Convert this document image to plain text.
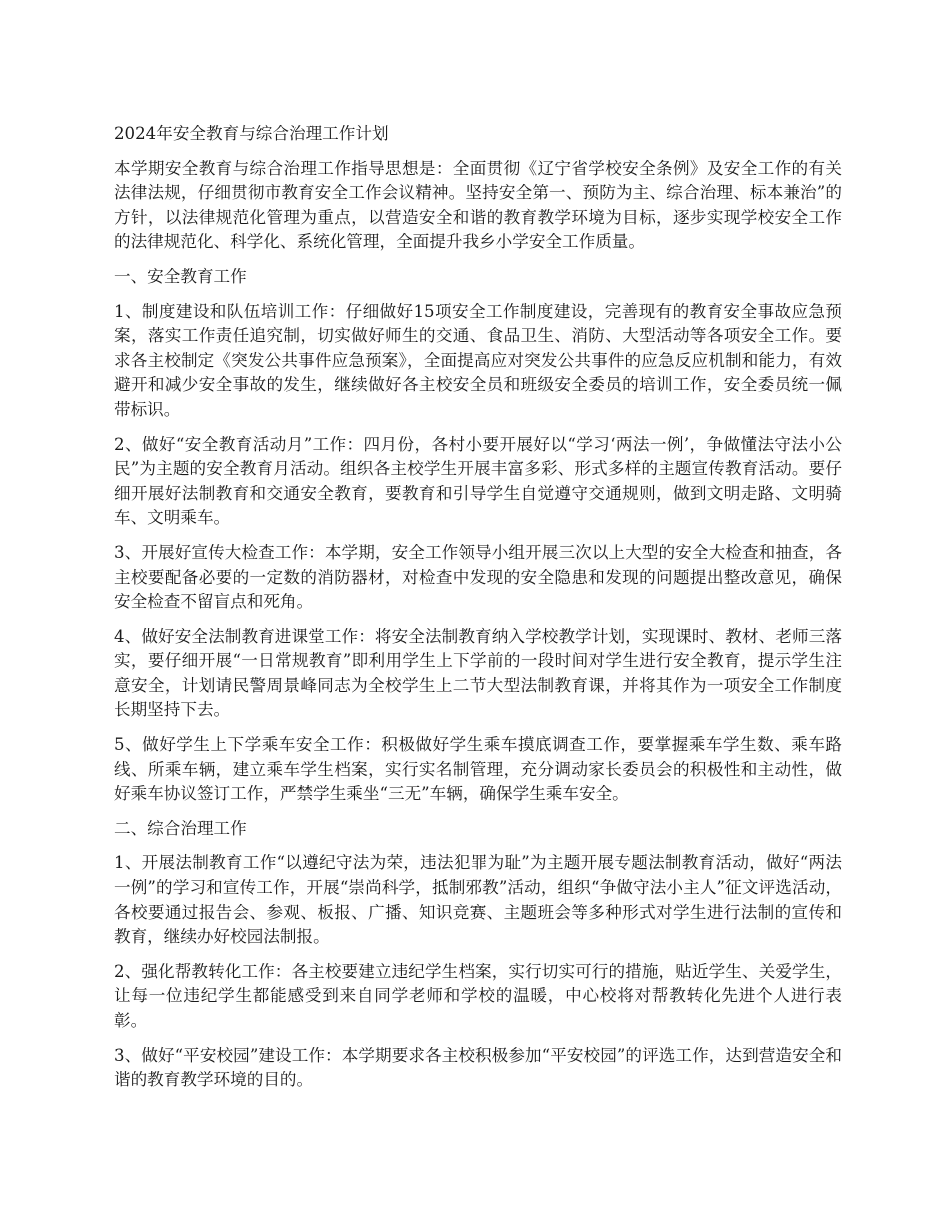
2024年安全教育与综合治理工作计划

本学期安全教育与综合治理工作指导思想是：全面贯彻《辽宁省学校安全条例》及安全工作的有关法律法规，仔细贯彻市教育安全工作会议精神。坚持安全第一、预防为主、综合治理、标本兼治”的方针，以法律规范化管理为重点，以营造安全和谐的教育教学环境为目标，逐步实现学校安全工作的法律规范化、科学化、系统化管理，全面提升我乡小学安全工作质量。

一、安全教育工作

1、制度建设和队伍培训工作：仔细做好15项安全工作制度建设，完善现有的教育安全事故应急预案，落实工作责任追究制，切实做好师生的交通、食品卫生、消防、大型活动等各项安全工作。要求各主校制定《突发公共事件应急预案》，全面提高应对突发公共事件的应急反应机制和能力，有效避开和减少安全事故的发生，继续做好各主校安全员和班级安全委员的培训工作，安全委员统一佩带标识。

2、做好“安全教育活动月”工作：四月份，各村小要开展好以“学习‘两法一例’，争做懂法守法小公民”为主题的安全教育月活动。组织各主校学生开展丰富多彩、形式多样的主题宣传教育活动。要仔细开展好法制教育和交通安全教育，要教育和引导学生自觉遵守交通规则，做到文明走路、文明骑车、文明乘车。

3、开展好宣传大检查工作：本学期，安全工作领导小组开展三次以上大型的安全大检查和抽查，各主校要配备必要的一定数的消防器材，对检查中发现的安全隐患和发现的问题提出整改意见，确保安全检查不留盲点和死角。

4、做好安全法制教育进课堂工作：将安全法制教育纳入学校教学计划，实现课时、教材、老师三落实，要仔细开展“一日常规教育”即利用学生上下学前的一段时间对学生进行安全教育，提示学生注意安全，计划请民警周景峰同志为全校学生上二节大型法制教育课，并将其作为一项安全工作制度长期坚持下去。

5、做好学生上下学乘车安全工作：积极做好学生乘车摸底调查工作，要掌握乘车学生数、乘车路线、所乘车辆，建立乘车学生档案，实行实名制管理，充分调动家长委员会的积极性和主动性，做好乘车协议签订工作，严禁学生乘坐“三无”车辆，确保学生乘车安全。

二、综合治理工作

1、开展法制教育工作“以遵纪守法为荣，违法犯罪为耻”为主题开展专题法制教育活动，做好“两法一例”的学习和宣传工作，开展“崇尚科学，抵制邪教”活动，组织“争做守法小主人”征文评选活动，各校要通过报告会、参观、板报、广播、知识竞赛、主题班会等多种形式对学生进行法制的宣传和教育，继续办好校园法制报。

2、强化帮教转化工作：各主校要建立违纪学生档案，实行切实可行的措施，贴近学生、关爱学生，让每一位违纪学生都能感受到来自同学老师和学校的温暖，中心校将对帮教转化先进个人进行表彰。

3、做好“平安校园”建设工作：本学期要求各主校积极参加“平安校园”的评选工作，达到营造安全和谐的教育教学环境的目的。
